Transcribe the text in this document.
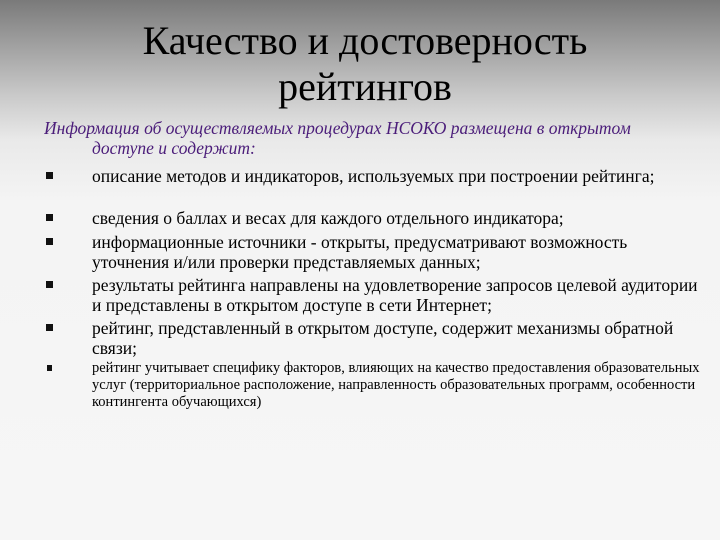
Качество и достоверность
рейтингов
Информация об осуществляемых процедурах НСОКО размещена в открытом
доступе и содержит:
описание методов и индикаторов, используемых при построении рейтинга;
сведения о баллах и весах для каждого отдельного индикатора;
информационные источники - открыты, предусматривают возможность уточнения и/или проверки представляемых данных;
результаты рейтинга направлены на удовлетворение запросов целевой аудитории и представлены в открытом доступе в сети Интернет;
рейтинг, представленный в открытом доступе, содержит механизмы обратной связи;
рейтинг учитывает специфику факторов, влияющих на качество предоставления образовательных услуг (территориальное расположение, направленность образовательных программ, особенности контингента обучающихся)
